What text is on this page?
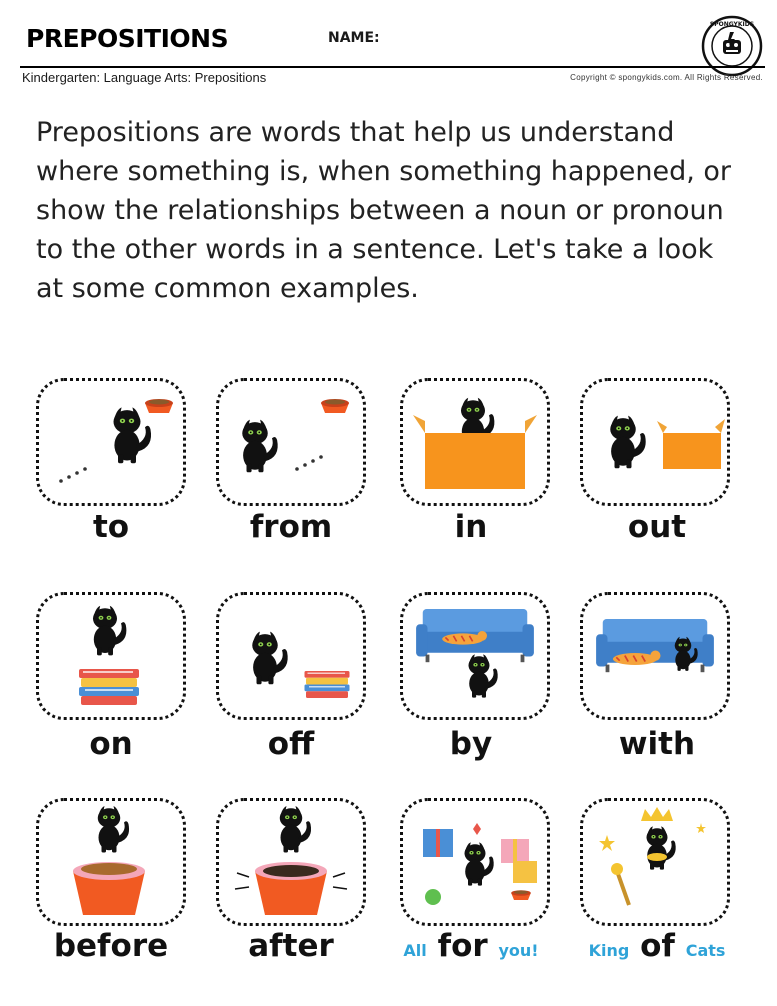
PREPOSITIONS	NAME:
SPONGYKIDS
Kindergarten: Language Arts: Prepositions	Copyright © spongykids.com. All Rights Reserved.
Prepositions are words that help us understand where something is, when something happened, or show the relationships between a noun or pronoun to the other words in a sentence. Let's take a look at some common examples.
to	from	in	out
on	off	by	with
before	after	All for you!	King of Cats
